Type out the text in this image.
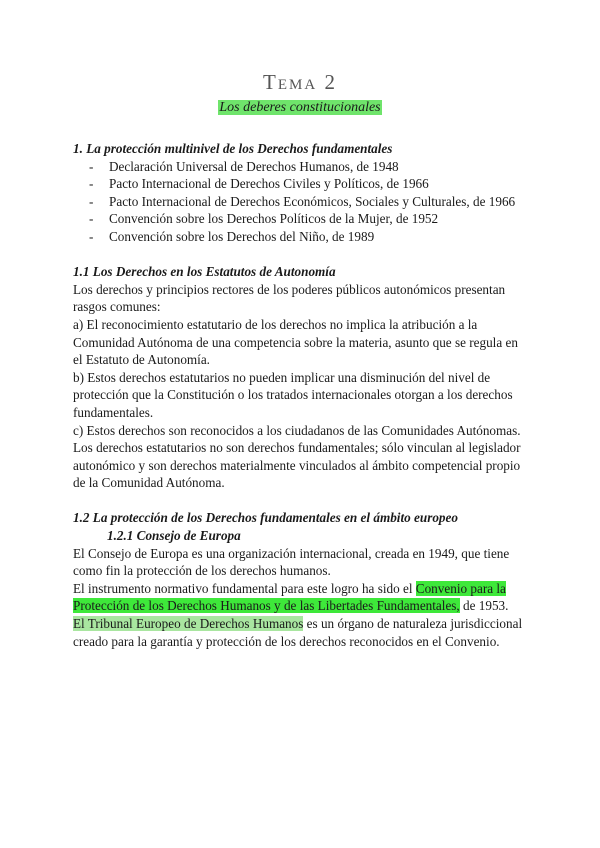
Tema 2
Los deberes constitucionales

1. La protección multinivel de los Derechos fundamentales

- Declaración Universal de Derechos Humanos, de 1948
- Pacto Internacional de Derechos Civiles y Políticos, de 1966
- Pacto Internacional de Derechos Económicos, Sociales y Culturales, de 1966
- Convención sobre los Derechos Políticos de la Mujer, de 1952
- Convención sobre los Derechos del Niño, de 1989

1.1 Los Derechos en los Estatutos de Autonomía

Los derechos y principios rectores de los poderes públicos autonómicos presentan rasgos comunes:

a) El reconocimiento estatutario de los derechos no implica la atribución a la Comunidad Autónoma de una competencia sobre la materia, asunto que se regula en el Estatuto de Autonomía.

b) Estos derechos estatutarios no pueden implicar una disminución del nivel de protección que la Constitución o los tratados internacionales otorgan a los derechos fundamentales.

c) Estos derechos son reconocidos a los ciudadanos de las Comunidades Autónomas.

Los derechos estatutarios no son derechos fundamentales; sólo vinculan al legislador autonómico y son derechos materialmente vinculados al ámbito competencial propio de la Comunidad Autónoma.

1.2 La protección de los Derechos fundamentales en el ámbito europeo

1.2.1 Consejo de Europa

El Consejo de Europa es una organización internacional, creada en 1949, que tiene como fin la protección de los derechos humanos.

El instrumento normativo fundamental para este logro ha sido el Convenio para la Protección de los Derechos Humanos y de las Libertades Fundamentales, de 1953.

El Tribunal Europeo de Derechos Humanos es un órgano de naturaleza jurisdiccional creado para la garantía y protección de los derechos reconocidos en el Convenio.
